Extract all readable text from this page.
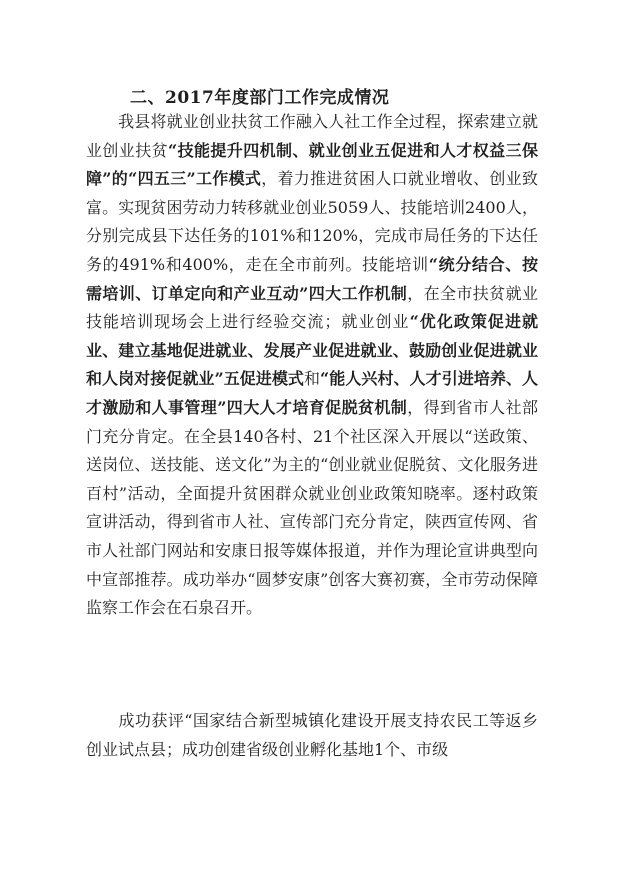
二、2017年度部门工作完成情况
我县将就业创业扶贫工作融入人社工作全过程，探索建立就业创业扶贫“技能提升四机制、就业创业五促进和人才权益三保障”的“四五三”工作模式，着力推进贫困人口就业增收、创业致富。实现贫困劳动力转移就业创业5059人、技能培训2400人，分别完成县下达任务的101%和120%，完成市局任务的下达任务的491%和400%，走在全市前列。技能培训“统分结合、按需培训、订单定向和产业互动”四大工作机制，在全市扶贫就业技能培训现场会上进行经验交流；就业创业“优化政策促进就业、建立基地促进就业、发展产业促进就业、鼓励创业促进就业和人岗对接促就业”五促进模式和“能人兴村、人才引进培养、人才激励和人事管理”四大人才培育促脱贫机制，得到省市人社部门充分肯定。在全县140各村、21个社区深入开展以“送政策、送岗位、送技能、送文化”为主的“创业就业促脱贫、文化服务进百村”活动，全面提升贫困群众就业创业政策知晓率。逐村政策宣讲活动，得到省市人社、宣传部门充分肯定，陕西宣传网、省市人社部门网站和安康日报等媒体报道，并作为理论宣讲典型向中宣部推荐。成功举办“圆梦安康”创客大赛初赛，全市劳动保障监察工作会在石泉召开。
成功获评“国家结合新型城镇化建设开展支持农民工等返乡创业试点县；成功创建省级创业孵化基地1个、市级
